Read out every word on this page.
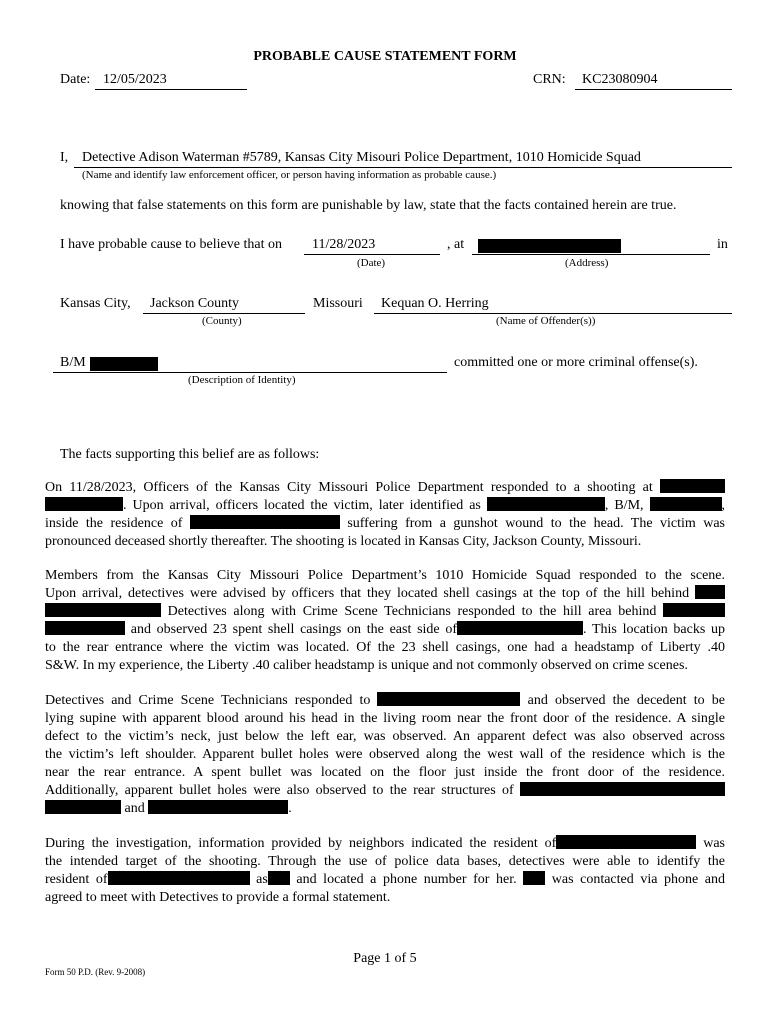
PROBABLE CAUSE STATEMENT FORM
Date: 12/05/2023	CRN:	KC23080904
I, Detective Adison Waterman #5789, Kansas City Misouri Police Department, 1010 Homicide Squad
(Name and identify law enforcement officer, or person having information as probable cause.)
knowing that false statements on this form are punishable by law, state that the facts contained herein are true.
I have probable cause to believe that on	11/28/2023	, at	in
(Date)	(Address)
Kansas City,	Jackson County	Missouri	Kequan O. Herring
(County)	(Name of Offender(s))
B/M	committed one or more criminal offense(s).
(Description of Identity)
The facts supporting this belief are as follows:
On 11/28/2023, Officers of the Kansas City Missouri Police Department responded to a shooting at
. Upon arrival, officers located the victim, later identified as	, B/M,	,
inside the residence of	suffering from a gunshot wound to the head. The victim was
pronounced deceased shortly thereafter. The shooting is located in Kansas City, Jackson County, Missouri.
Members from the Kansas City Missouri Police Department’s 1010 Homicide Squad responded to the scene.
Upon arrival, detectives were advised by officers that they located shell casings at the top of the hill behind
Detectives along with Crime Scene Technicians responded to the hill area behind
and observed 23 spent shell casings on the east side of	. This location backs up
to the rear entrance where the victim was located. Of the 23 shell casings, one had a headstamp of Liberty .40
S&W. In my experience, the Liberty .40 caliber headstamp is unique and not commonly observed on crime scenes.
Detectives and Crime Scene Technicians responded to	and observed the decedent to be
lying supine with apparent blood around his head in the living room near the front door of the residence. A single
defect to the victim’s neck, just below the left ear, was observed. An apparent defect was also observed across
the victim’s left shoulder. Apparent bullet holes were observed along the west wall of the residence which is the
near the rear entrance. A spent bullet was located on the floor just inside the front door of the residence.
Additionally, apparent bullet holes were also observed to the rear structures of
and	.
During the investigation, information provided by neighbors indicated the resident of	was
the intended target of the shooting. Through the use of police data bases, detectives were able to identify the
resident of	as and located a phone number for her.	was contacted via phone and
agreed to meet with Detectives to provide a formal statement.
Page 1 of 5
Form 50 P.D. (Rev. 9-2008)
